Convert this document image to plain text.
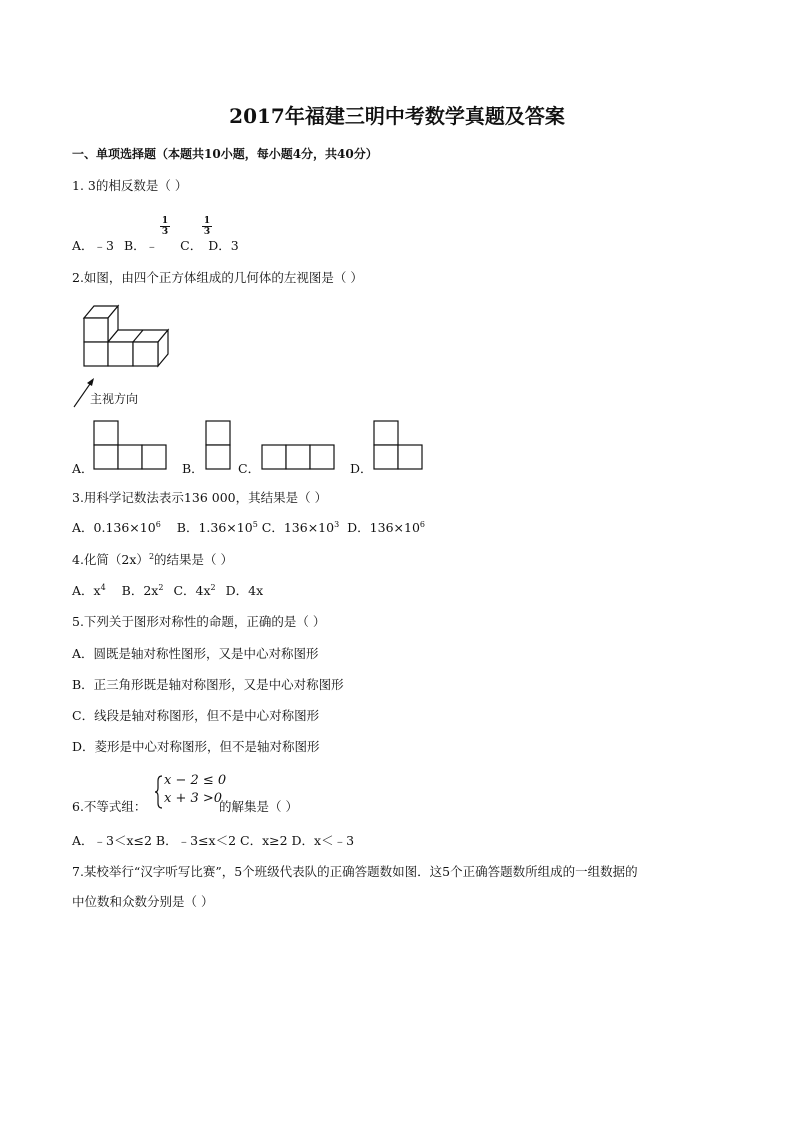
2017年福建三明中考数学真题及答案
一、单项选择题（本题共10小题，每小题4分，共40分）
1. 3的相反数是（ ）
A．﹣3 B．﹣ C． D．3
1
3
1
3
2.如图，由四个正方体组成的几何体的左视图是（ ）
主视方向
A．	B．	C．	D．
3.用科学记数法表示136 000，其结果是（ ）
A．$0.136\times 10^6$ B．$1.36\times 10^5$ C．$136\times 10^3$ D．$136\times 10^6$
4.化简$(2x)^2$的结果是（ ）
A．$x^4$ B．$2x^2$ C．$4x^2$ D．4x
5.下列关于图形对称性的命题，正确的是（ ）
A．圆既是轴对称性图形，又是中心对称图形
B．正三角形既是轴对称图形，又是中心对称图形
C．线段是轴对称图形，但不是中心对称图形
D．菱形是中心对称图形，但不是轴对称图形
6.不等式组：
x − 2 ≤ 0
x + 3 >0
的解集是（ ）
A．﹣3＜x≤2 B．﹣3≤x＜2 C．x≥2 D．x＜﹣3
7.某校举行“汉字听写比赛”，5个班级代表队的正确答题数如图．这5个正确答题数所组成的一组数据的
中位数和众数分别是（ ）
